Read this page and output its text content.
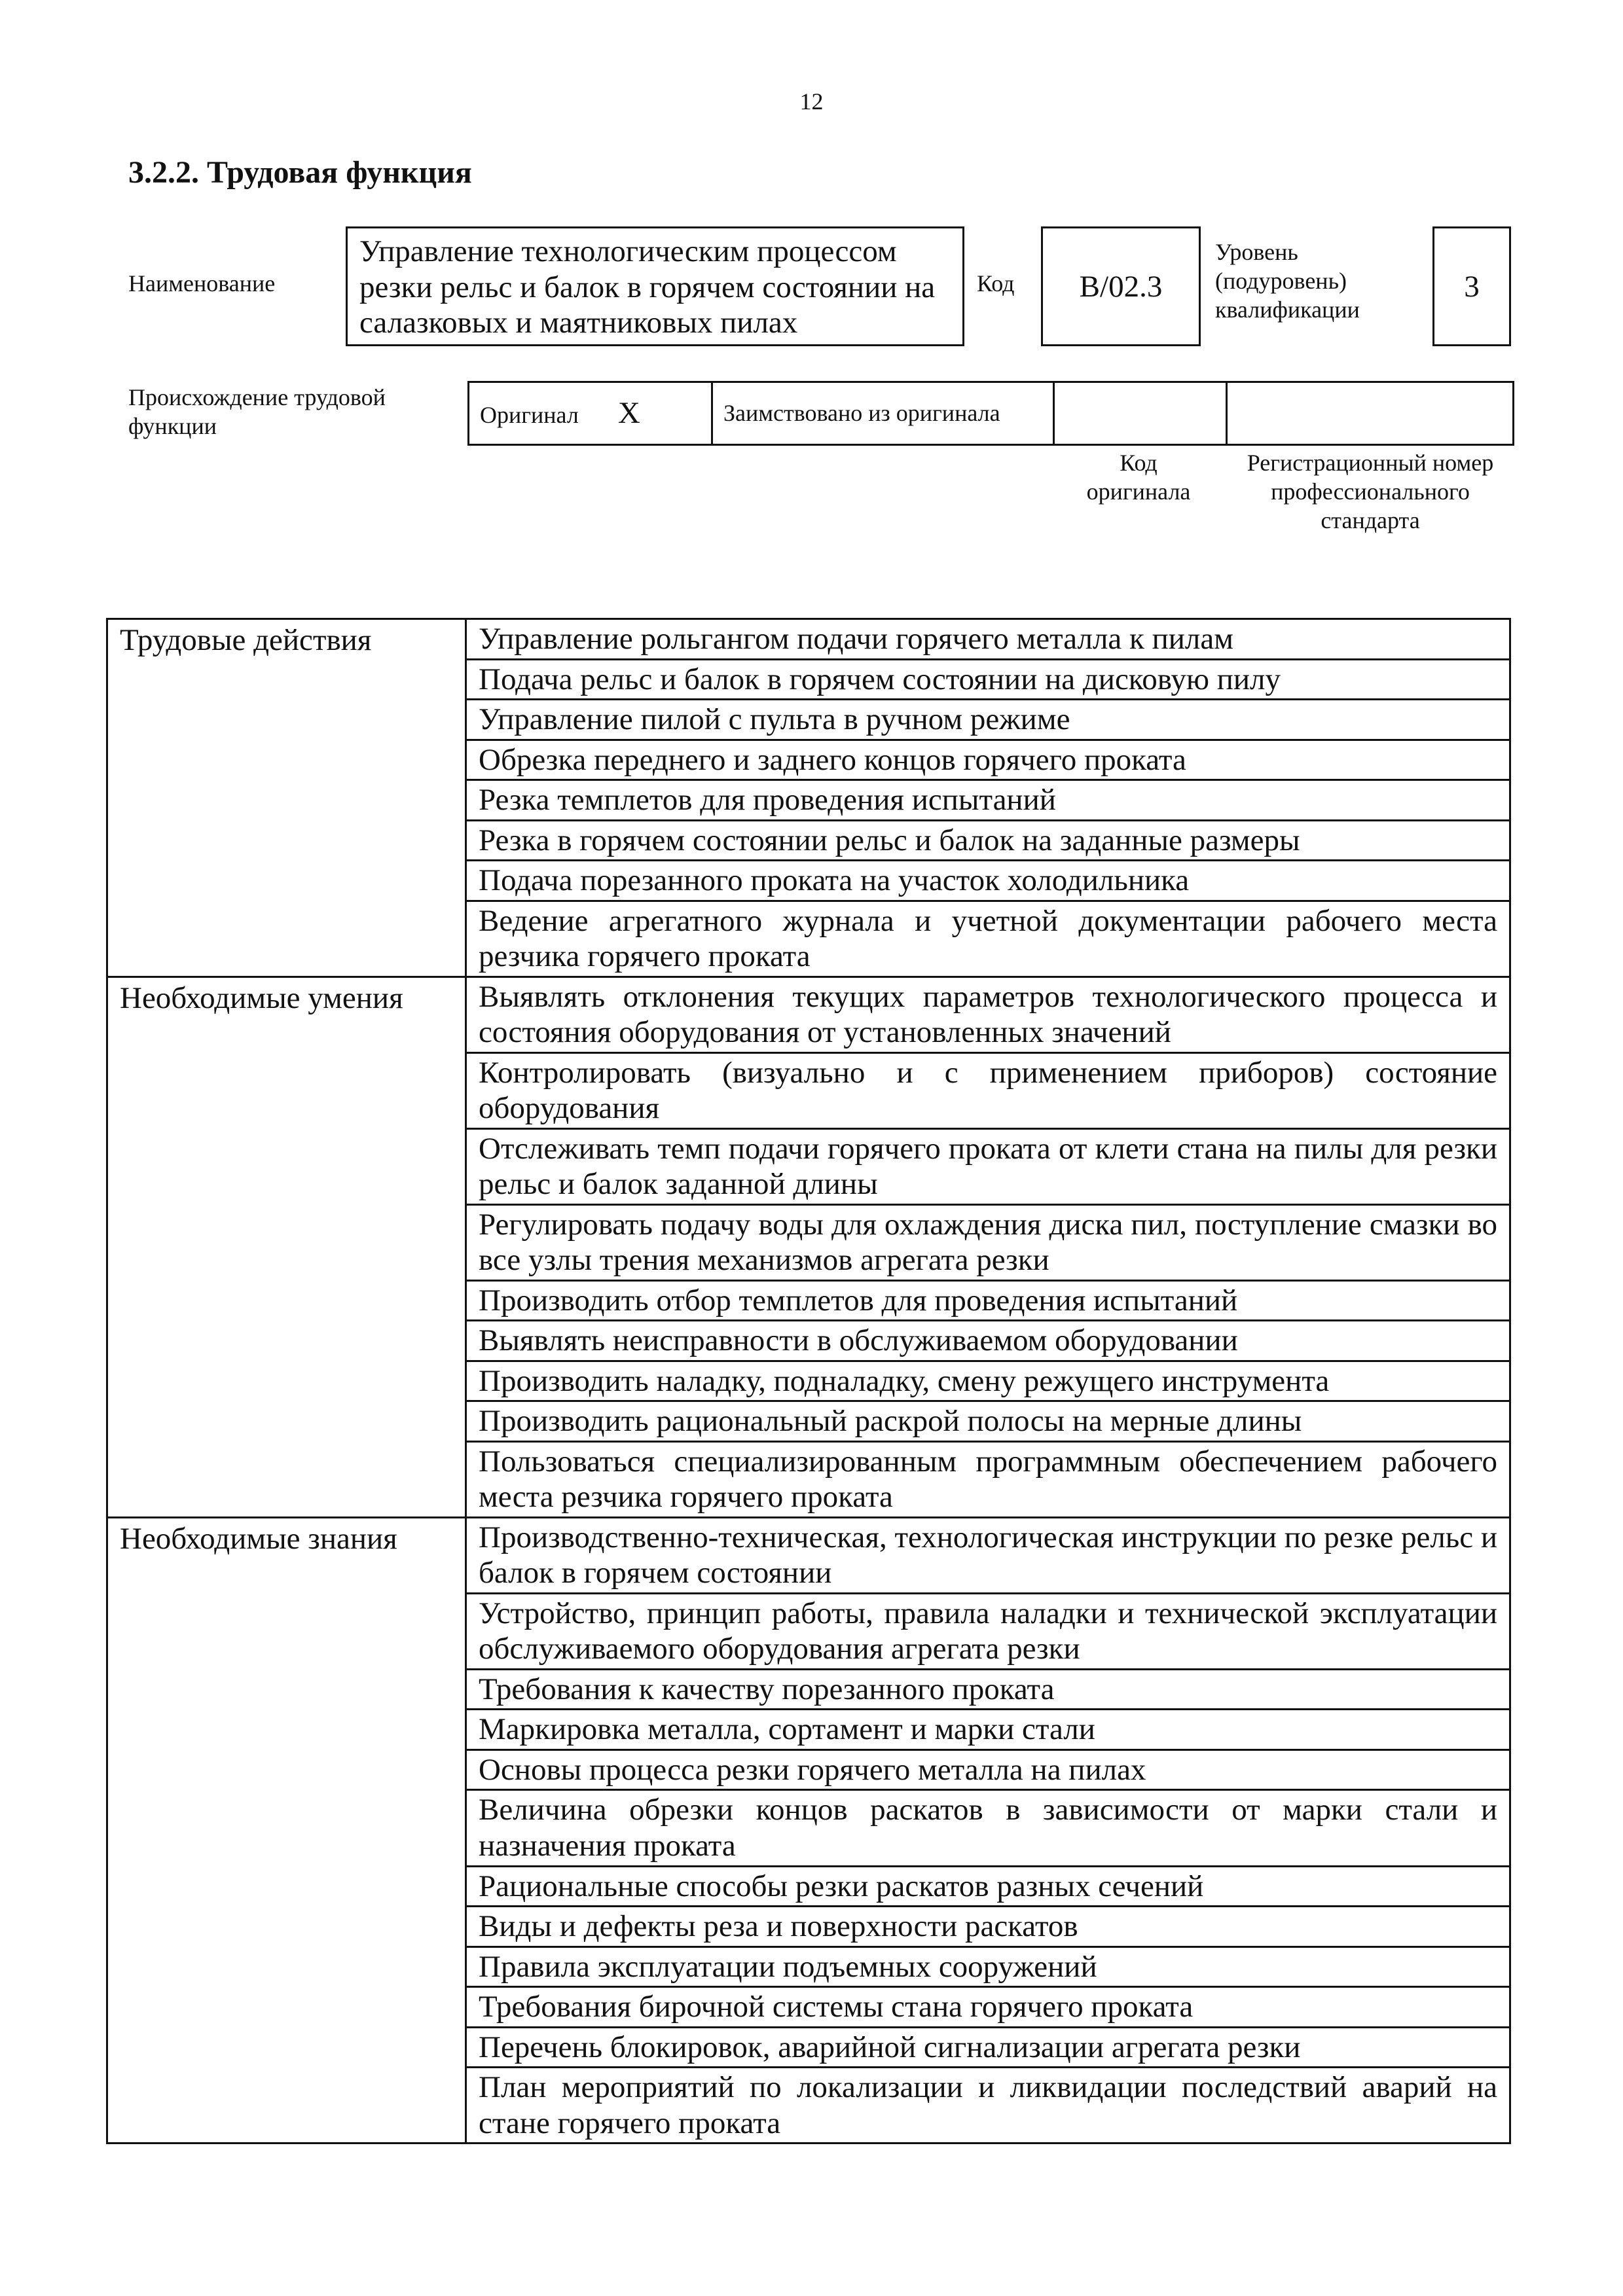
12
3.2.2. Трудовая функция
Наименование
Управление технологическим процессом резки рельс и балок в горячем состоянии на салазковых и маятниковых пилах
Код	B/02.3
Уровень (подуровень) квалификации
3
Происхождение трудовой функции	Оригинал X	Заимствовано из оригинала		
Код оригинала
Регистрационный номер профессионального стандарта
Трудовые действия	Управление рольгангом подачи горячего металла к пилам
	Подача рельс и балок в горячем состоянии на дисковую пилу
	Управление пилой с пульта в ручном режиме
	Обрезка переднего и заднего концов горячего проката
	Резка темплетов для проведения испытаний
	Резка в горячем состоянии рельс и балок на заданные размеры
	Подача порезанного проката на участок холодильника
	Ведение агрегатного журнала и учетной документации рабочего места резчика горячего проката
Необходимые умения	Выявлять отклонения текущих параметров технологического процесса и состояния оборудования от установленных значений
	Контролировать (визуально и с применением приборов) состояние оборудования
	Отслеживать темп подачи горячего проката от клети стана на пилы для резки рельс и балок заданной длины
	Регулировать подачу воды для охлаждения диска пил, поступление смазки во все узлы трения механизмов агрегата резки
	Производить отбор темплетов для проведения испытаний
	Выявлять неисправности в обслуживаемом оборудовании
	Производить наладку, подналадку, смену режущего инструмента
	Производить рациональный раскрой полосы на мерные длины
	Пользоваться специализированным программным обеспечением рабочего места резчика горячего проката
Необходимые знания	Производственно-техническая, технологическая инструкции по резке рельс и балок в горячем состоянии
	Устройство, принцип работы, правила наладки и технической эксплуатации обслуживаемого оборудования агрегата резки
	Требования к качеству порезанного проката
	Маркировка металла, сортамент и марки стали
	Основы процесса резки горячего металла на пилах
	Величина обрезки концов раскатов в зависимости от марки стали и назначения проката
	Рациональные способы резки раскатов разных сечений
	Виды и дефекты реза и поверхности раскатов
	Правила эксплуатации подъемных сооружений
	Требования бирочной системы стана горячего проката
	Перечень блокировок, аварийной сигнализации агрегата резки
	План мероприятий по локализации и ликвидации последствий аварий на стане горячего проката
